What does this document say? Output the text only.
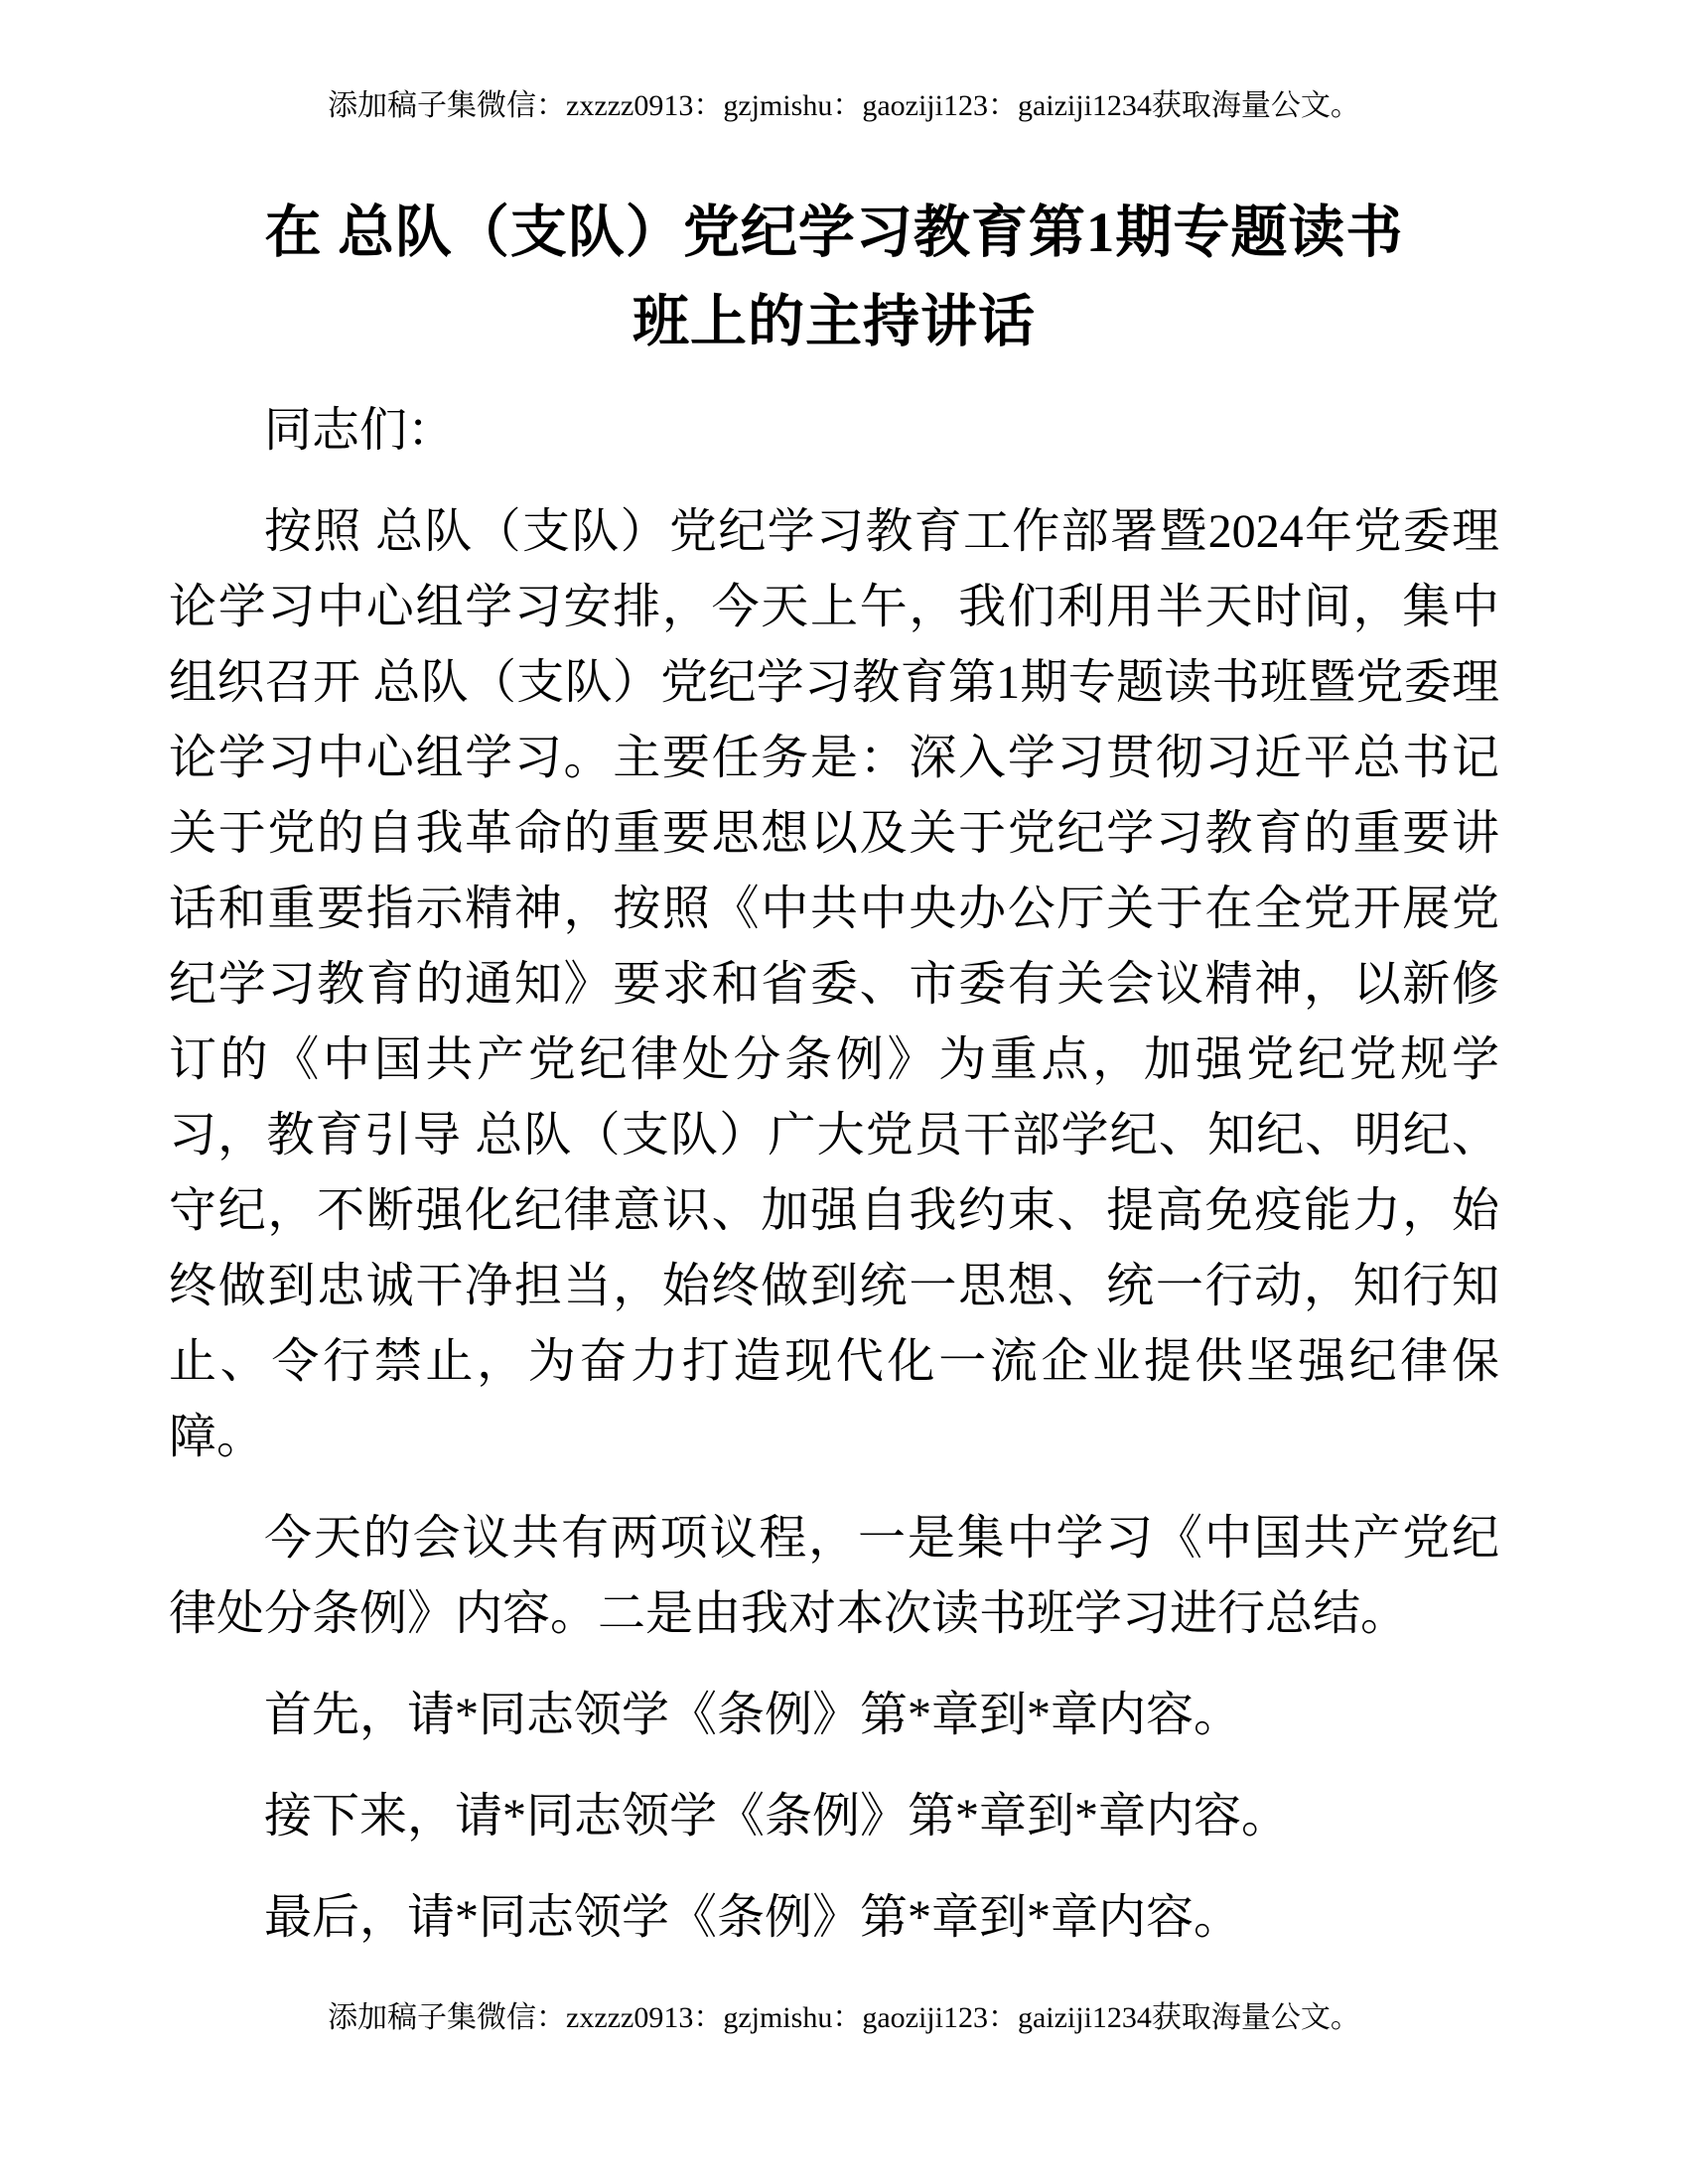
添加稿子集微信：zxzzz0913：gzjmishu：gaoziji123：gaiziji1234获取海量公文。
在 总队（支队）党纪学习教育第1期专题读书
班上的主持讲话

同志们：

按照 总队（支队）党纪学习教育工作部署暨2024年党委理论学习中心组学习安排，今天上午，我们利用半天时间，集中组织召开 总队（支队）党纪学习教育第1期专题读书班暨党委理论学习中心组学习。主要任务是：深入学习贯彻习近平总书记关于党的自我革命的重要思想以及关于党纪学习教育的重要讲话和重要指示精神，按照《中共中央办公厅关于在全党开展党纪学习教育的通知》要求和省委、市委有关会议精神，以新修订的《中国共产党纪律处分条例》为重点，加强党纪党规学习，教育引导 总队（支队）广大党员干部学纪、知纪、明纪、守纪，不断强化纪律意识、加强自我约束、提高免疫能力，始终做到忠诚干净担当，始终做到统一思想、统一行动，知行知止、令行禁止，为奋力打造现代化一流企业提供坚强纪律保障。

今天的会议共有两项议程，一是集中学习《中国共产党纪律处分条例》内容。二是由我对本次读书班学习进行总结。

首先，请*同志领学《条例》第*章到*章内容。

接下来，请*同志领学《条例》第*章到*章内容。

最后，请*同志领学《条例》第*章到*章内容。

添加稿子集微信：zxzzz0913：gzjmishu：gaoziji123：gaiziji1234获取海量公文。
